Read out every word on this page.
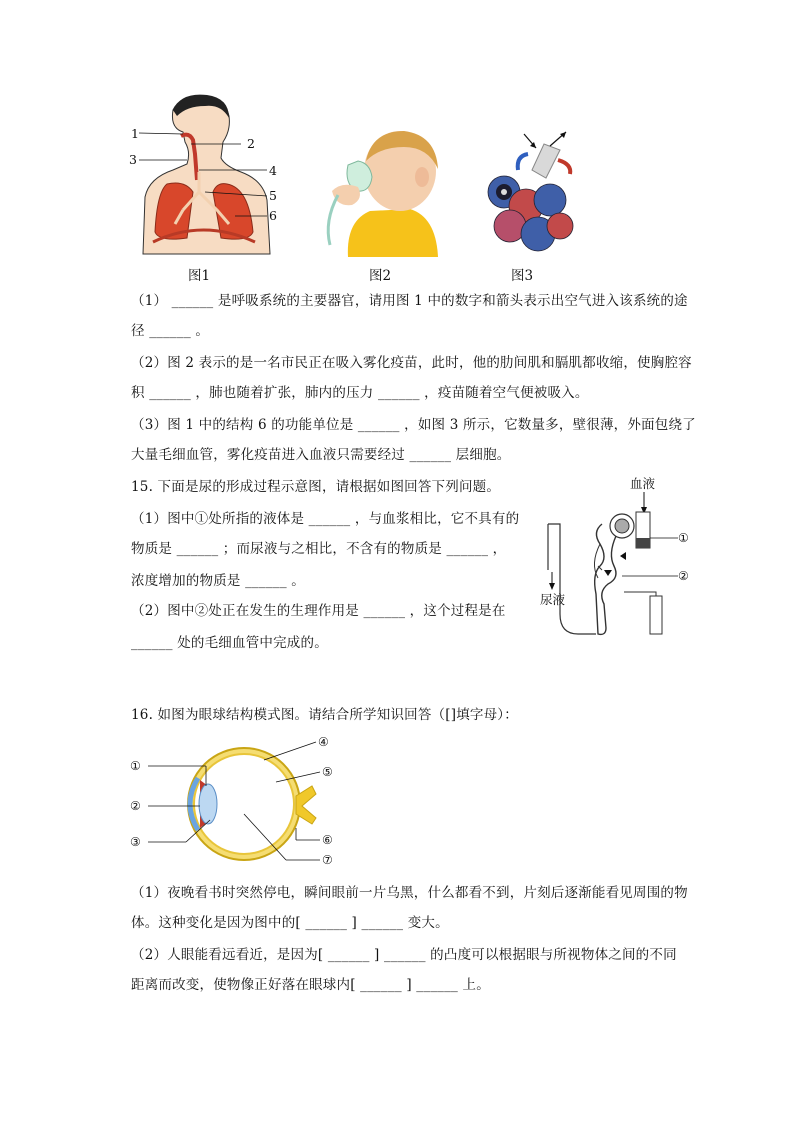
1
2
3
4
5
6
图1	图2	图3
（1） ______ 是呼吸系统的主要器官，请用图 1 中的数字和箭头表示出空气进入该系统的途
径 ______ 。
（2）图 2 表示的是一名市民正在吸入雾化疫苗，此时，他的肋间肌和膈肌都收缩，使胸腔容
积 ______ ，肺也随着扩张，肺内的压力 ______ ，疫苗随着空气便被吸入。
（3）图 1 中的结构 6 的功能单位是 ______ ，如图 3 所示，它数量多，壁很薄，外面包绕了
大量毛细血管，雾化疫苗进入血液只需要经过 ______ 层细胞。
15. 下面是尿的形成过程示意图，请根据如图回答下列问题。
（1）图中①处所指的液体是 ______ ，与血浆相比，它不具有的
物质是 ______ ；而尿液与之相比，不含有的物质是 ______ ，
浓度增加的物质是 ______ 。
（2）图中②处正在发生的生理作用是 ______ ，这个过程是在
______ 处的毛细血管中完成的。
血液
①
②
尿液
16. 如图为眼球结构模式图。请结合所学知识回答（[]填字母）：
①
②
③
④
⑤
⑥
⑦
（1）夜晚看书时突然停电，瞬间眼前一片乌黑，什么都看不到，片刻后逐渐能看见周围的物
体。这种变化是因为图中的[ ______ ] ______ 变大。
（2）人眼能看远看近，是因为[ ______ ] ______ 的凸度可以根据眼与所视物体之间的不同
距离而改变，使物像正好落在眼球内[ ______ ] ______ 上。
